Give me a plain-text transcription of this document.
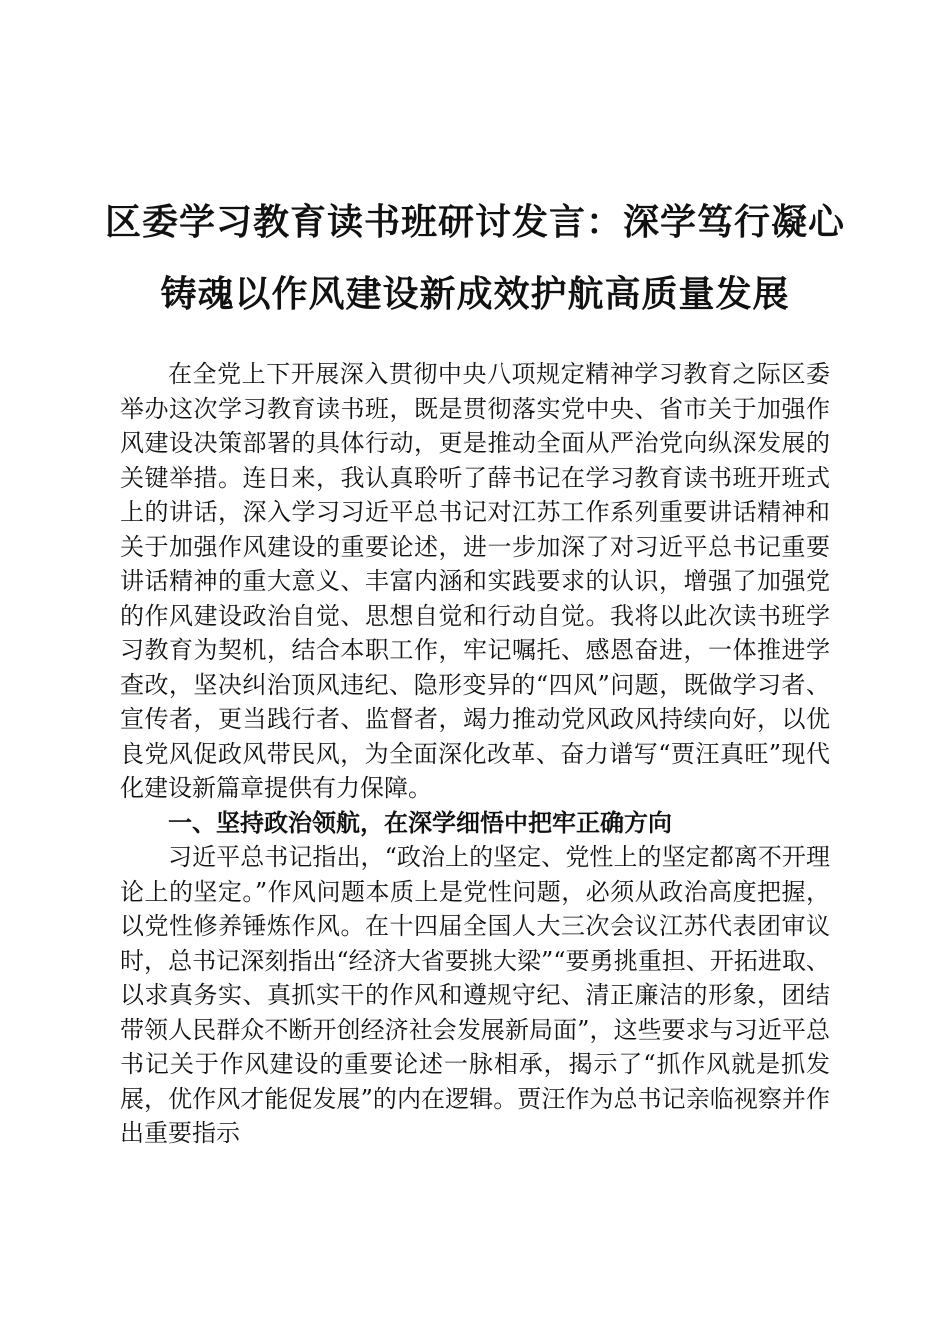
区委学习教育读书班研讨发言：深学笃行凝心
铸魂以作风建设新成效护航高质量发展

在全党上下开展深入贯彻中央八项规定精神学习教育之际区委举办这次学习教育读书班，既是贯彻落实党中央、省市关于加强作风建设决策部署的具体行动，更是推动全面从严治党向纵深发展的关键举措。连日来，我认真聆听了薛书记在学习教育读书班开班式上的讲话，深入学习习近平总书记对江苏工作系列重要讲话精神和关于加强作风建设的重要论述，进一步加深了对习近平总书记重要讲话精神的重大意义、丰富内涵和实践要求的认识，增强了加强党的作风建设政治自觉、思想自觉和行动自觉。我将以此次读书班学习教育为契机，结合本职工作，牢记嘱托、感恩奋进，一体推进学查改，坚决纠治顶风违纪、隐形变异的“四风”问题，既做学习者、宣传者，更当践行者、监督者，竭力推动党风政风持续向好，以优良党风促政风带民风，为全面深化改革、奋力谱写“贾汪真旺”现代化建设新篇章提供有力保障。

一、坚持政治领航，在深学细悟中把牢正确方向

习近平总书记指出，“政治上的坚定、党性上的坚定都离不开理论上的坚定。”作风问题本质上是党性问题，必须从政治高度把握，以党性修养锤炼作风。在十四届全国人大三次会议江苏代表团审议时，总书记深刻指出“经济大省要挑大梁”“要勇挑重担、开拓进取、以求真务实、真抓实干的作风和遵规守纪、清正廉洁的形象，团结带领人民群众不断开创经济社会发展新局面”，这些要求与习近平总书记关于作风建设的重要论述一脉相承，揭示了“抓作风就是抓发展，优作风才能促发展”的内在逻辑。贾汪作为总书记亲临视察并作出重要指示
